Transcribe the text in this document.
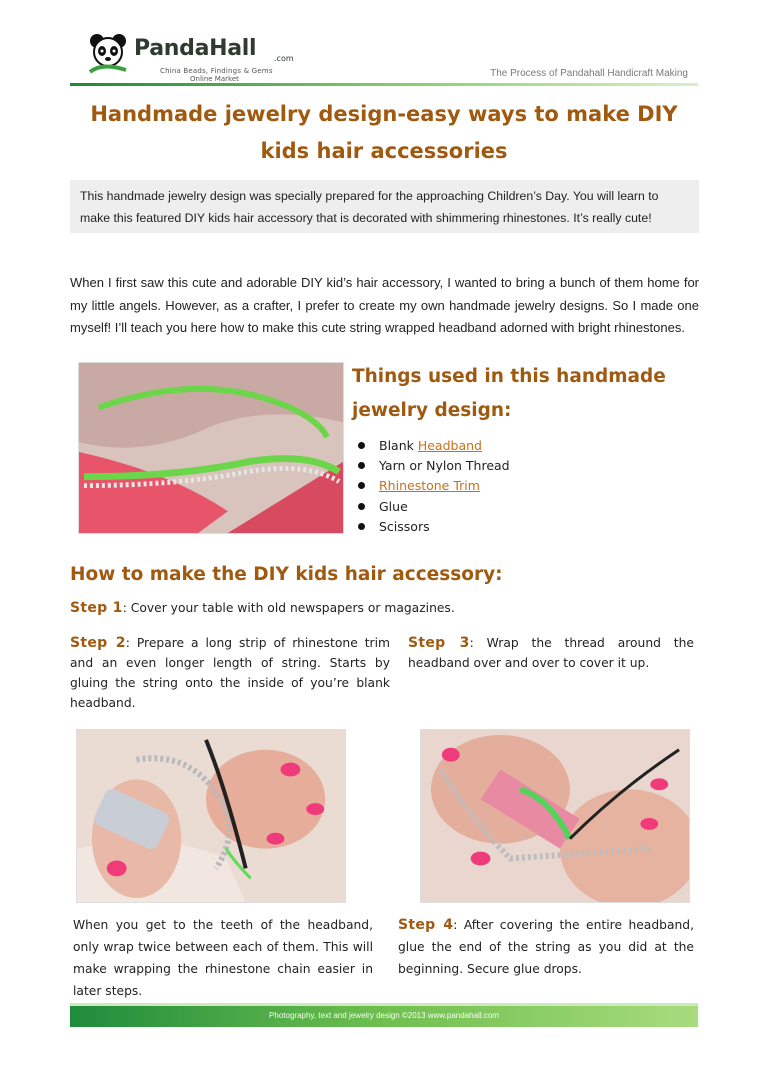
PandaHall .com
China Beads, Findings & Gems
Online Market	The Process of Pandahall Handicraft Making
Handmade jewelry design-easy ways to make DIY
kids hair accessories
This handmade jewelry design was specially prepared for the approaching Children’s Day. You will learn to make this featured DIY kids hair accessory that is decorated with shimmering rhinestones. It’s really cute!

When I first saw this cute and adorable DIY kid’s hair accessory, I wanted to bring a bunch of them home for my little angels. However, as a crafter, I prefer to create my own handmade jewelry designs. So I made one myself! I’ll teach you here how to make this cute string wrapped headband adorned with bright rhinestones.

Things used in this handmade
jewelry design:
Blank Headband
Yarn or Nylon Thread
Rhinestone Trim
Glue
Scissors
How to make the DIY kids hair accessory:
Step 1: Cover your table with old newspapers or magazines.
Step 2: Prepare a long strip of rhinestone trim and an even longer length of string. Starts by gluing the string onto the inside of you’re blank headband.
Step 3: Wrap the thread around the headband over and over to cover it up.
When you get to the teeth of the headband, only wrap twice between each of them. This will make wrapping the rhinestone chain easier in later steps.
Step 4: After covering the entire headband, glue the end of the string as you did at the beginning. Secure glue drops.
Photography, text and jewelry design ©2013 www.pandahall.com
